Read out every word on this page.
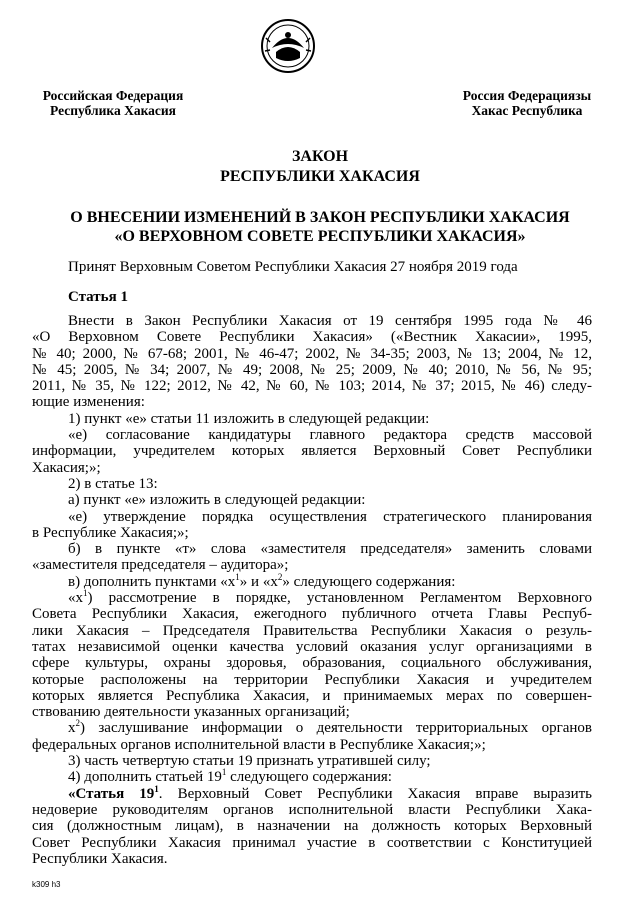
Российская Федерация
Республика Хакасия
Россия Федерациязы
Хакас Республика
ЗАКОН
РЕСПУБЛИКИ ХАКАСИЯ
О ВНЕСЕНИИ ИЗМЕНЕНИЙ В ЗАКОН РЕСПУБЛИКИ ХАКАСИЯ
«О ВЕРХОВНОМ СОВЕТЕ РЕСПУБЛИКИ ХАКАСИЯ»
Принят Верховным Советом Республики Хакасия 27 ноября 2019 года
Статья 1
Внести в Закон Республики Хакасия от 19 сентября 1995 года № 46
«О Верховном Совете Республики Хакасия» («Вестник Хакасии», 1995,
№ 40; 2000, № 67-68; 2001, № 46-47; 2002, № 34-35; 2003, № 13; 2004, № 12,
№ 45; 2005, № 34; 2007, № 49; 2008, № 25; 2009, № 40; 2010, № 56, № 95;
2011, № 35, № 122; 2012, № 42, № 60, № 103; 2014, № 37; 2015, № 46) следу-
ющие изменения:
1) пункт «е» статьи 11 изложить в следующей редакции:
«е) согласование кандидатуры главного редактора средств массовой
информации, учредителем которых является Верховный Совет Республики
Хакасия;»;
2) в статье 13:
а) пункт «е» изложить в следующей редакции:
«е) утверждение порядка осуществления стратегического планирования
в Республике Хакасия;»;
б) в пункте «т» слова «заместителя председателя» заменить словами
«заместителя председателя – аудитора»;
в) дополнить пунктами «$х^1$» и «$х^2$» следующего содержания:
«$х^1$) рассмотрение в порядке, установленном Регламентом Верховного
Совета Республики Хакасия, ежегодного публичного отчета Главы Респуб-
лики Хакасия – Председателя Правительства Республики Хакасия о резуль-
татах независимой оценки качества условий оказания услуг организациями в
сфере культуры, охраны здоровья, образования, социального обслуживания,
которые расположены на территории Республики Хакасия и учредителем
которых является Республика Хакасия, и принимаемых мерах по совершен-
ствованию деятельности указанных организаций;
$х^2$) заслушивание информации о деятельности территориальных органов
федеральных органов исполнительной власти в Республике Хакасия;»;
3) часть четвертую статьи 19 признать утратившей силу;
4) дополнить статьей $19^1$ следующего содержания:
«Статья $19^1$. Верховный Совет Республики Хакасия вправе выразить
недоверие руководителям органов исполнительной власти Республики Хака-
сия (должностным лицам), в назначении на должность которых Верховный
Совет Республики Хакасия принимал участие в соответствии с Конституцией
Республики Хакасия.
k309 h3
